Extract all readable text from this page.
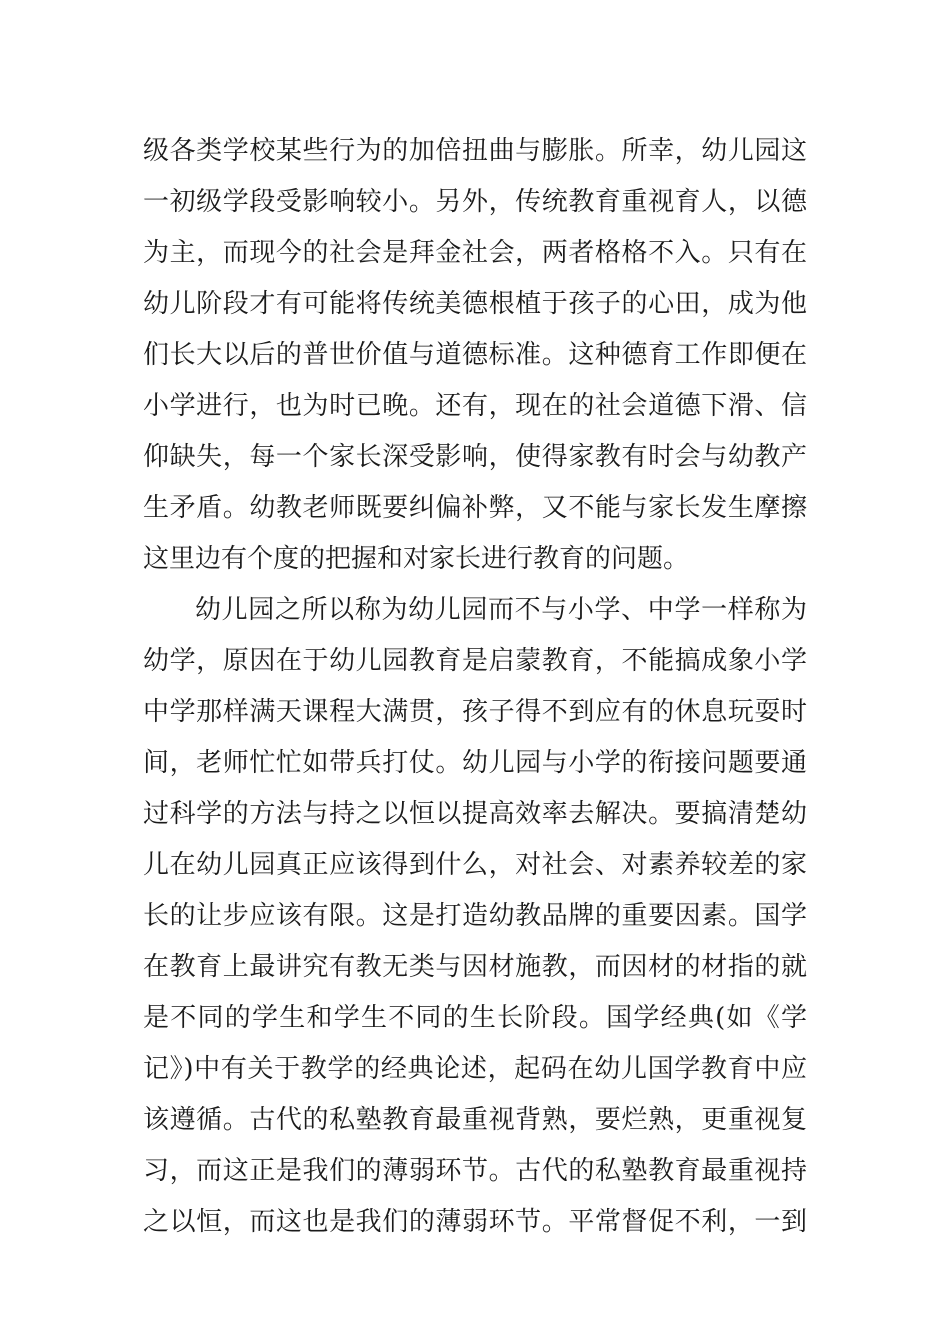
级各类学校某些行为的加倍扭曲与膨胀。所幸，幼儿园这
一初级学段受影响较小。另外，传统教育重视育人，以德
为主，而现今的社会是拜金社会，两者格格不入。只有在
幼儿阶段才有可能将传统美德根植于孩子的心田，成为他
们长大以后的普世价值与道德标准。这种德育工作即便在
小学进行，也为时已晚。还有，现在的社会道德下滑、信
仰缺失，每一个家长深受影响，使得家教有时会与幼教产
生矛盾。幼教老师既要纠偏补弊，又不能与家长发生摩擦
这里边有个度的把握和对家长进行教育的问题。
幼儿园之所以称为幼儿园而不与小学、中学一样称为
幼学，原因在于幼儿园教育是启蒙教育，不能搞成象小学
中学那样满天课程大满贯，孩子得不到应有的休息玩耍时
间，老师忙忙如带兵打仗。幼儿园与小学的衔接问题要通
过科学的方法与持之以恒以提高效率去解决。要搞清楚幼
儿在幼儿园真正应该得到什么，对社会、对素养较差的家
长的让步应该有限。这是打造幼教品牌的重要因素。国学
在教育上最讲究有教无类与因材施教，而因材的材指的就
是不同的学生和学生不同的生长阶段。国学经典(如《学
记》)中有关于教学的经典论述，起码在幼儿国学教育中应
该遵循。古代的私塾教育最重视背熟，要烂熟，更重视复
习，而这正是我们的薄弱环节。古代的私塾教育最重视持
之以恒，而这也是我们的薄弱环节。平常督促不利，一到
